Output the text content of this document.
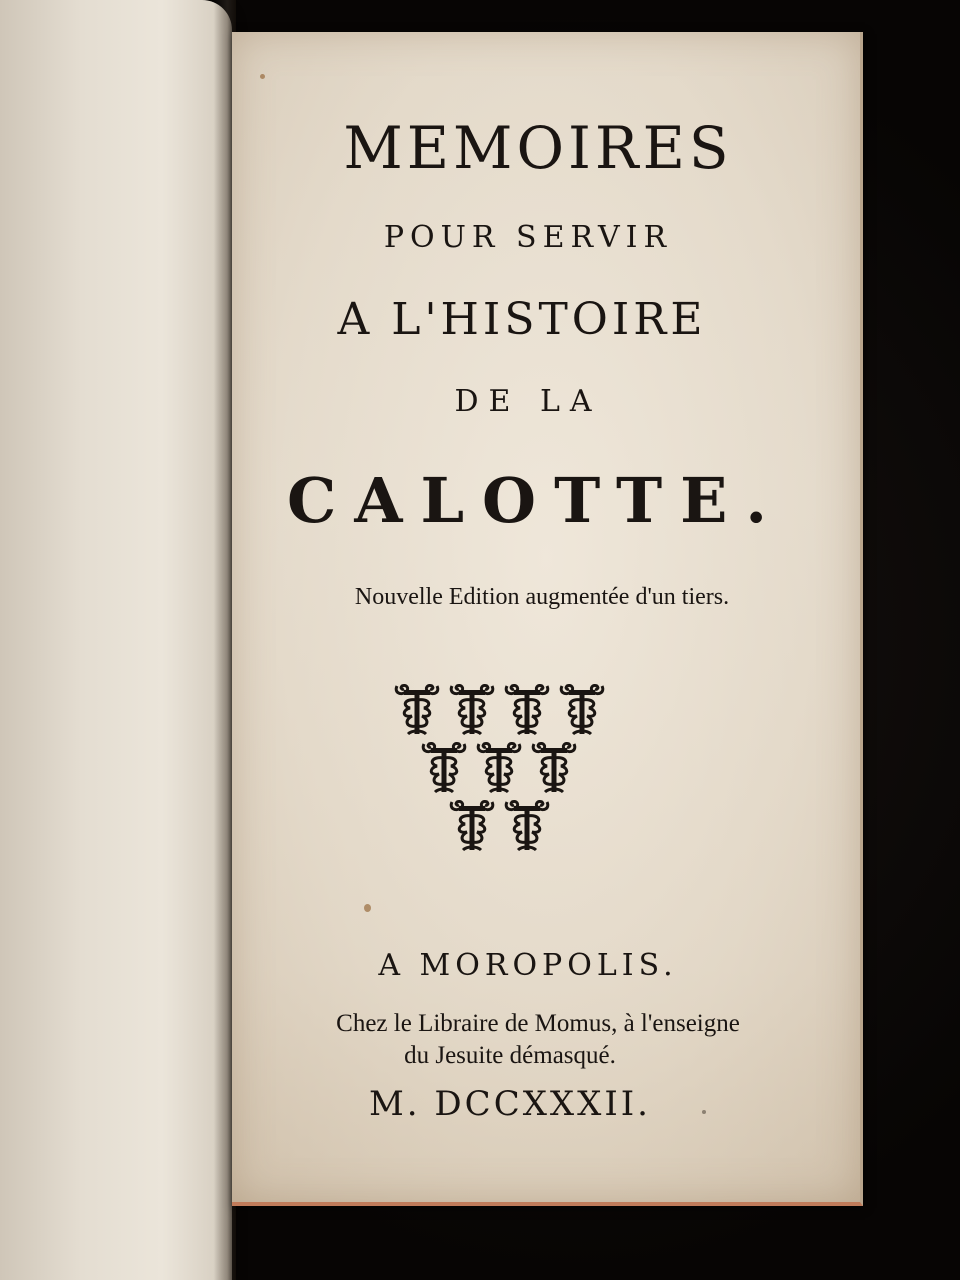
MEMOIRES

POUR SERVIR

A L'HISTOIRE

DE LA

CALOTTE.

Nouvelle Edition augmentée d'un tiers.

A MOROPOLIS.

Chez le Libraire de Momus, à l'enseigne

du Jesuite démasqué.

M. DCCXXXII.
